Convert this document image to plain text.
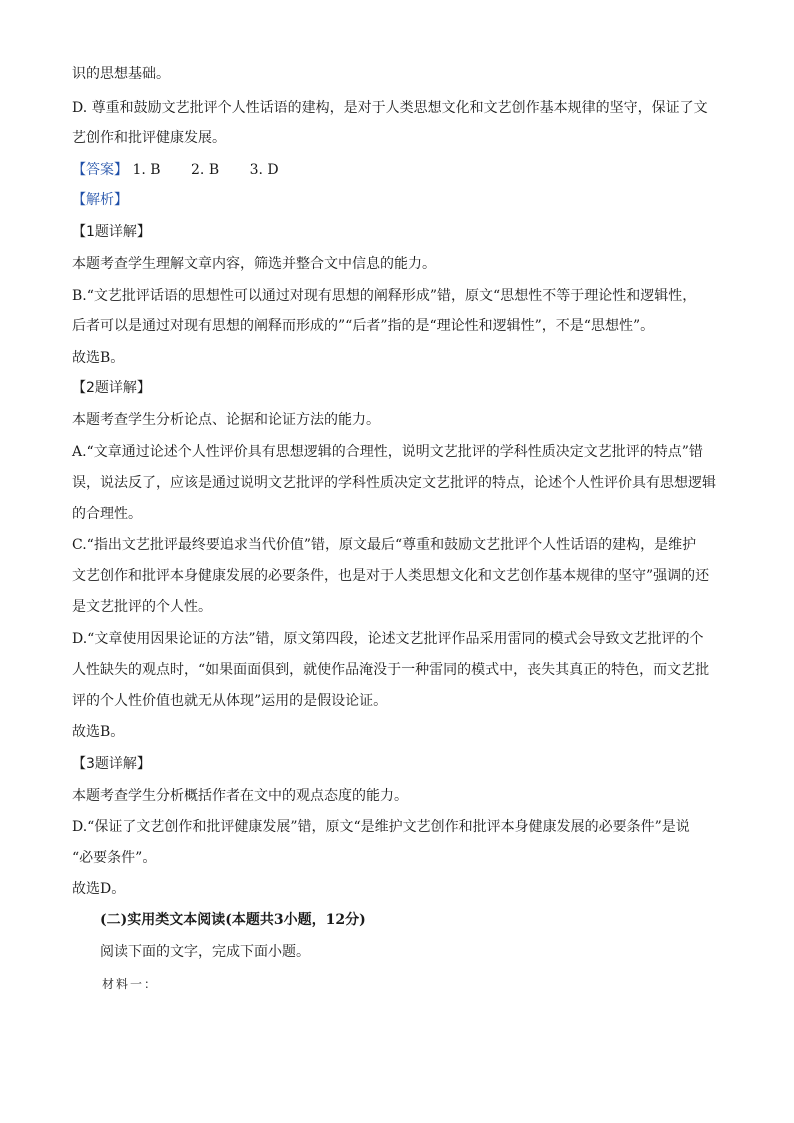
识的思想基础。
D. 尊重和鼓励文艺批评个人性话语的建构，是对于人类思想文化和文艺创作基本规律的坚守，保证了文
艺创作和批评健康发展。
【答案】 1. B 2. B 3. D
【解析】
【1题详解】
本题考查学生理解文章内容，筛选并整合文中信息的能力。
B.“文艺批评话语的思想性可以通过对现有思想的阐释形成”错，原文“思想性不等于理论性和逻辑性，
后者可以是通过对现有思想的阐释而形成的”“后者”指的是“理论性和逻辑性”，不是“思想性”。
故选B。
【2题详解】
本题考查学生分析论点、论据和论证方法的能力。
A.“文章通过论述个人性评价具有思想逻辑的合理性，说明文艺批评的学科性质决定文艺批评的特点”错
误，说法反了，应该是通过说明文艺批评的学科性质决定文艺批评的特点，论述个人性评价具有思想逻辑
的合理性。
C.“指出文艺批评最终要追求当代价值”错，原文最后“尊重和鼓励文艺批评个人性话语的建构，是维护
文艺创作和批评本身健康发展的必要条件，也是对于人类思想文化和文艺创作基本规律的坚守”强调的还
是文艺批评的个人性。
D.“文章使用因果论证的方法”错，原文第四段，论述文艺批评作品采用雷同的模式会导致文艺批评的个
人性缺失的观点时，“如果面面俱到，就使作品淹没于一种雷同的模式中，丧失其真正的特色，而文艺批
评的个人性价值也就无从体现”运用的是假设论证。
故选B。
【3题详解】
本题考查学生分析概括作者在文中的观点态度的能力。
D.“保证了文艺创作和批评健康发展”错，原文“是维护文艺创作和批评本身健康发展的必要条件”是说
“必要条件”。
故选D。
(二)实用类文本阅读(本题共3小题，12分)
阅读下面的文字，完成下面小题。
材料一：
